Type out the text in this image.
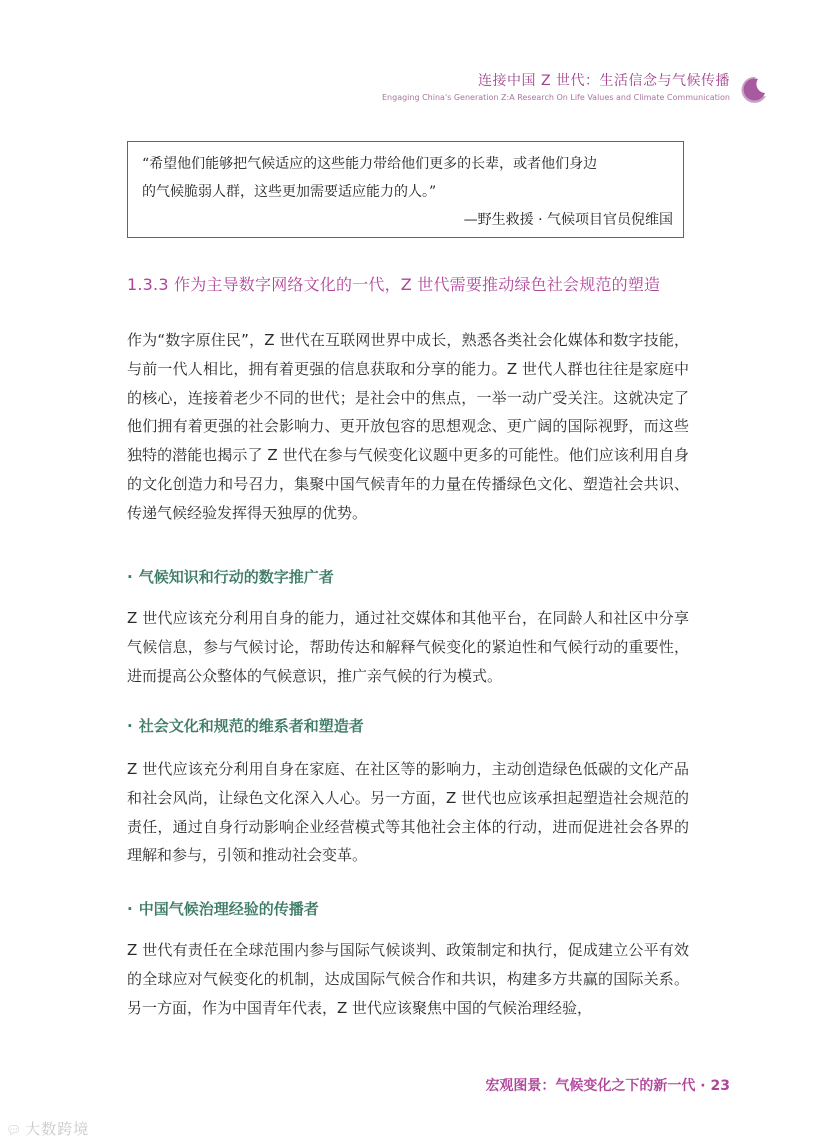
连接中国 Z 世代：生活信念与气候传播
Engaging China's Generation Z:A Research On Life Values and Climate Communication
“希望他们能够把气候适应的这些能力带给他们更多的长辈，或者他们身边
的气候脆弱人群，这些更加需要适应能力的人。”
—野生救援 · 气候项目官员倪维国
1.3.3 作为主导数字网络文化的一代，Z 世代需要推动绿色社会规范的塑造
作为“数字原住民”，Z 世代在互联网世界中成长，熟悉各类社会化媒体和数字技能，与前一代人相比，拥有着更强的信息获取和分享的能力。Z 世代人群也往往是家庭中的核心，连接着老少不同的世代；是社会中的焦点，一举一动广受关注。这就决定了他们拥有着更强的社会影响力、更开放包容的思想观念、更广阔的国际视野，而这些独特的潜能也揭示了 Z 世代在参与气候变化议题中更多的可能性。他们应该利用自身的文化创造力和号召力，集聚中国气候青年的力量在传播绿色文化、塑造社会共识、传递气候经验发挥得天独厚的优势。
· 气候知识和行动的数字推广者
Z 世代应该充分利用自身的能力，通过社交媒体和其他平台，在同龄人和社区中分享气候信息，参与气候讨论，帮助传达和解释气候变化的紧迫性和气候行动的重要性，进而提高公众整体的气候意识，推广亲气候的行为模式。
· 社会文化和规范的维系者和塑造者
Z 世代应该充分利用自身在家庭、在社区等的影响力，主动创造绿色低碳的文化产品和社会风尚，让绿色文化深入人心。另一方面，Z 世代也应该承担起塑造社会规范的责任，通过自身行动影响企业经营模式等其他社会主体的行动，进而促进社会各界的理解和参与，引领和推动社会变革。
· 中国气候治理经验的传播者
Z 世代有责任在全球范围内参与国际气候谈判、政策制定和执行，促成建立公平有效的全球应对气候变化的机制，达成国际气候合作和共识，构建多方共赢的国际关系。另一方面，作为中国青年代表，Z 世代应该聚焦中国的气候治理经验，
宏观图景：气候变化之下的新一代 · 23
💬︎ 大数跨境
